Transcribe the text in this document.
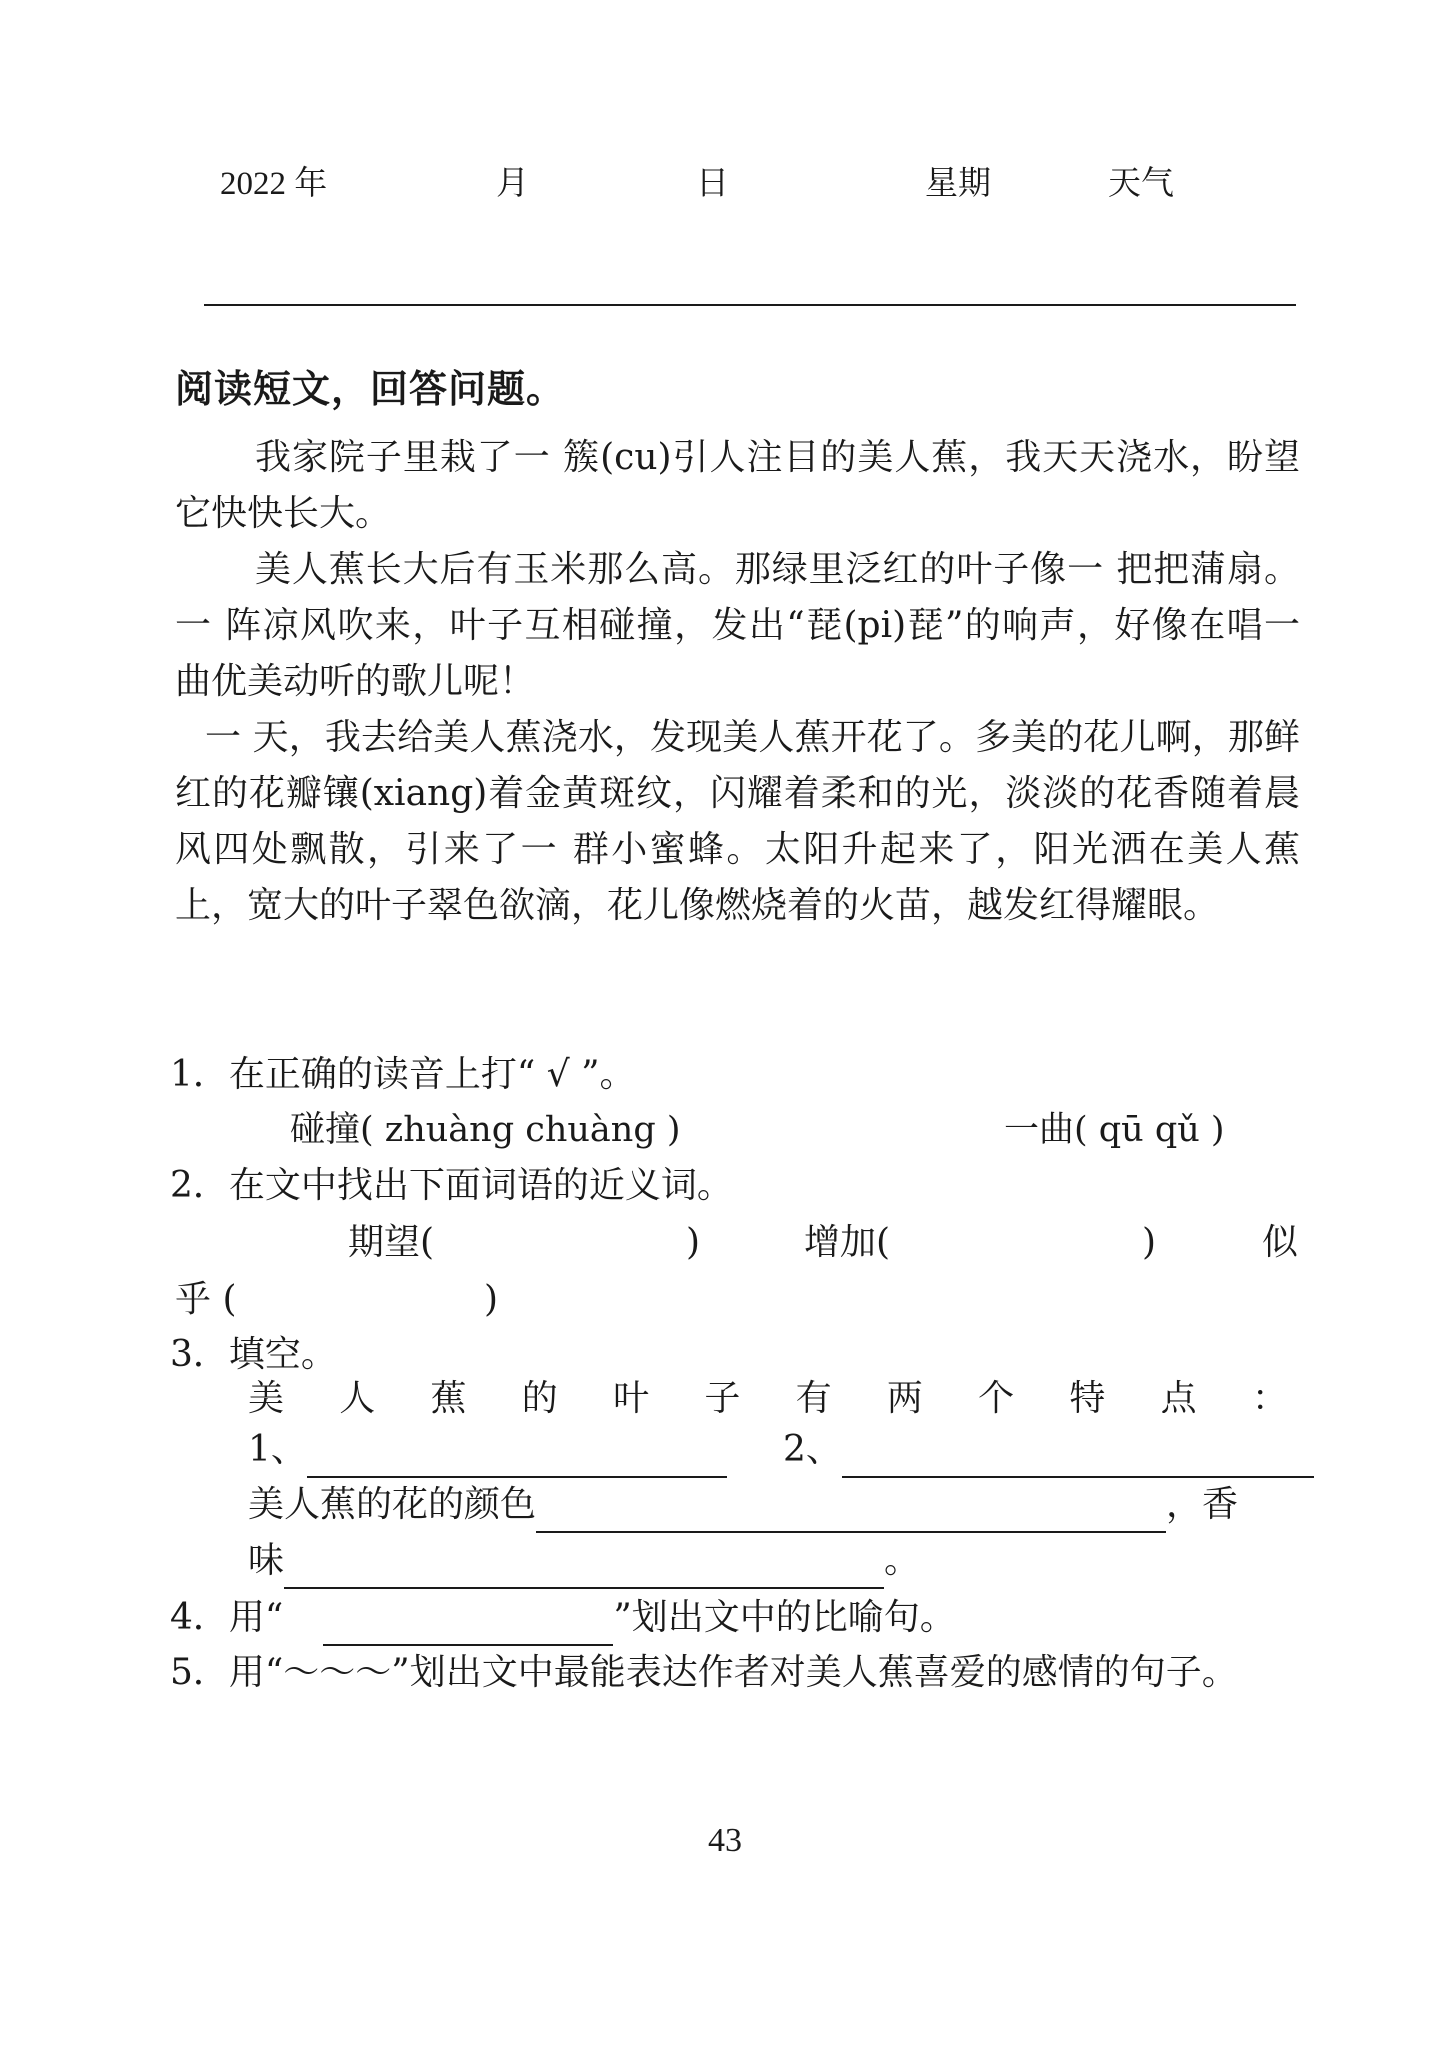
2022 年	月	日	星期	天气
阅读短文，回答问题。
我家院子里栽了一 簇(cu)引人注目的美人蕉，我天天浇水，盼望它快快长大。
美人蕉长大后有玉米那么高。那绿里泛红的叶子像一 把把蒲扇。一 阵凉风吹来，叶子互相碰撞，发出“琵(pi)琵”的响声，好像在唱一 曲优美动听的歌儿呢！
一 天，我去给美人蕉浇水，发现美人蕉开花了。多美的花儿啊，那鲜红的花瓣镶(xiang)着金黄斑纹，闪耀着柔和的光，淡淡的花香随着晨风四处飘散，引来了一 群小蜜蜂。太阳升起来了，阳光洒在美人蕉上，宽大的叶子翠色欲滴，花儿像燃烧着的火苗，越发红得耀眼。
1．在正确的读音上打“ √ ”。
碰撞( zhuàng chuàng )	一曲( qū qǔ )
2．在文中找出下面词语的近义词。
期望(	)	增加(	)	似
乎 (	)
3．填空。
美 人 蕉 的 叶 子 有 两 个 特 点 ：
1、	2、
美人蕉的花的颜色	，香
味	。
4．用“	”划出文中的比喻句。
5．用“～～～”划出文中最能表达作者对美人蕉喜爱的感情的句子。
43
